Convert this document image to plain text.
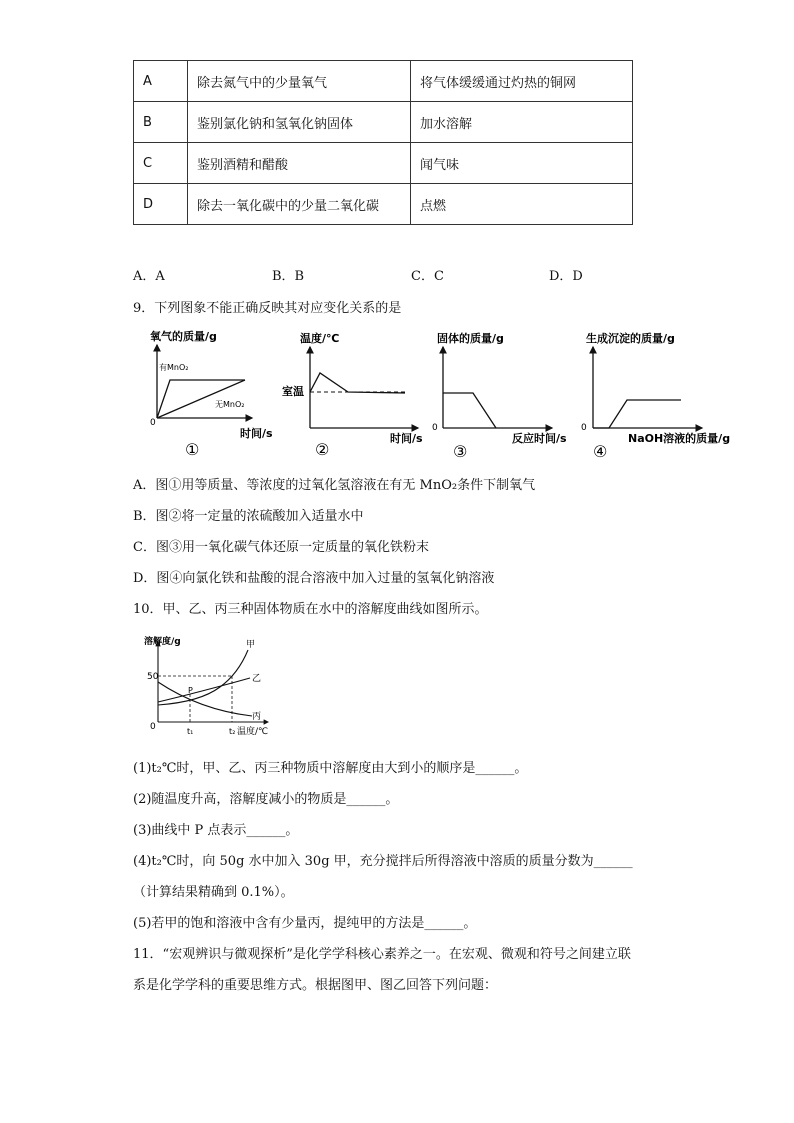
A	除去氮气中的少量氧气	将气体缓缓通过灼热的铜网
B	鉴别氯化钠和氢氧化钠固体	加水溶解
C	鉴别酒精和醋酸	闻气味
D	除去一氧化碳中的少量二氧化碳	点燃
A．A	B．B	C．C	D．D
9．下列图象不能正确反映其对应变化关系的是
氧气的质量/g
有MnO₂
无MnO₂
0
时间/s
①
温度/℃
室温
时间/s
②
固体的质量/g
0
反应时间/s
③
生成沉淀的质量/g
0
NaOH溶液的质量/g
④
A．图①用等质量、等浓度的过氧化氢溶液在有无 MnO₂条件下制氧气
B．图②将一定量的浓硫酸加入适量水中
C．图③用一氧化碳气体还原一定质量的氧化铁粉末
D．图④向氯化铁和盐酸的混合溶液中加入过量的氢氧化钠溶液
10．甲、乙、丙三种固体物质在水中的溶解度曲线如图所示。
溶解度/g
50
0	t₁	t₂ 温度/℃
甲
乙
丙
P
(1)t₂℃时，甲、乙、丙三种物质中溶解度由大到小的顺序是______。
(2)随温度升高，溶解度减小的物质是______。
(3)曲线中 P 点表示______。
(4)t₂℃时，向 50g 水中加入 30g 甲，充分搅拌后所得溶液中溶质的质量分数为______
（计算结果精确到 0.1%）。
(5)若甲的饱和溶液中含有少量丙，提纯甲的方法是______。
11．“宏观辨识与微观探析”是化学学科核心素养之一。在宏观、微观和符号之间建立联
系是化学学科的重要思维方式。根据图甲、图乙回答下列问题：
